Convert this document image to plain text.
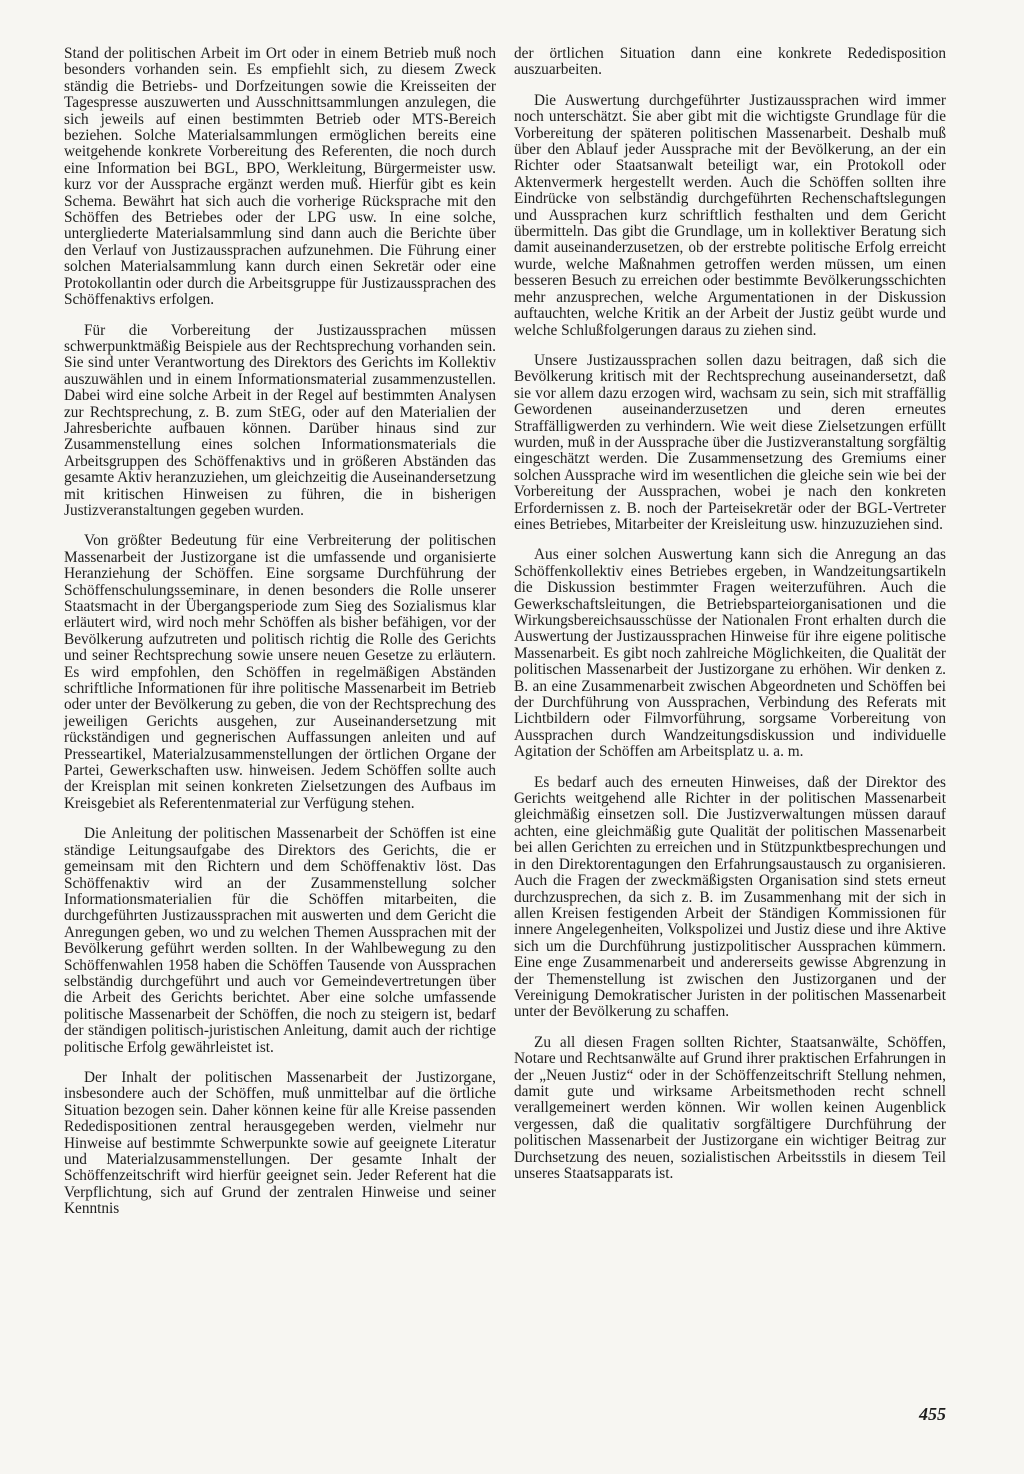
Stand der politischen Arbeit im Ort oder in einem Betrieb muß noch besonders vorhanden sein. Es empfiehlt sich, zu diesem Zweck ständig die Betriebs- und Dorfzeitungen sowie die Kreisseiten der Tagespresse auszuwerten und Ausschnittsammlungen anzulegen, die sich jeweils auf einen bestimmten Betrieb oder MTS-Bereich beziehen. Solche Materialsammlungen ermöglichen bereits eine weitgehende konkrete Vorbereitung des Referenten, die noch durch eine Information bei BGL, BPO, Werkleitung, Bürgermeister usw. kurz vor der Aussprache ergänzt werden muß. Hierfür gibt es kein Schema. Bewährt hat sich auch die vorherige Rücksprache mit den Schöffen des Betriebes oder der LPG usw. In eine solche, untergliederte Materialsammlung sind dann auch die Berichte über den Verlauf von Justizaussprachen aufzunehmen. Die Führung einer solchen Materialsammlung kann durch einen Sekretär oder eine Protokollantin oder durch die Arbeitsgruppe für Justizaussprachen des Schöffenaktivs erfolgen.

Für die Vorbereitung der Justizaussprachen müssen schwerpunktmäßig Beispiele aus der Rechtsprechung vorhanden sein. Sie sind unter Verantwortung des Direktors des Gerichts im Kollektiv auszuwählen und in einem Informationsmaterial zusammenzustellen. Dabei wird eine solche Arbeit in der Regel auf bestimmten Analysen zur Rechtsprechung, z. B. zum StEG, oder auf den Materialien der Jahresberichte aufbauen können. Darüber hinaus sind zur Zusammenstellung eines solchen Informationsmaterials die Arbeitsgruppen des Schöffenaktivs und in größeren Abständen das gesamte Aktiv heranzuziehen, um gleichzeitig die Auseinandersetzung mit kritischen Hinweisen zu führen, die in bisherigen Justizveranstaltungen gegeben wurden.

Von größter Bedeutung für eine Verbreiterung der politischen Massenarbeit der Justizorgane ist die umfassende und organisierte Heranziehung der Schöffen. Eine sorgsame Durchführung der Schöffenschulungsseminare, in denen besonders die Rolle unserer Staatsmacht in der Übergangsperiode zum Sieg des Sozialismus klar erläutert wird, wird noch mehr Schöffen als bisher befähigen, vor der Bevölkerung aufzutreten und politisch richtig die Rolle des Gerichts und seiner Rechtsprechung sowie unsere neuen Gesetze zu erläutern. Es wird empfohlen, den Schöffen in regelmäßigen Abständen schriftliche Informationen für ihre politische Massenarbeit im Betrieb oder unter der Bevölkerung zu geben, die von der Rechtsprechung des jeweiligen Gerichts ausgehen, zur Auseinandersetzung mit rückständigen und gegnerischen Auffassungen anleiten und auf Presseartikel, Materialzusammenstellungen der örtlichen Organe der Partei, Gewerkschaften usw. hinweisen. Jedem Schöffen sollte auch der Kreisplan mit seinen konkreten Zielsetzungen des Aufbaus im Kreisgebiet als Referentenmaterial zur Verfügung stehen.

Die Anleitung der politischen Massenarbeit der Schöffen ist eine ständige Leitungsaufgabe des Direktors des Gerichts, die er gemeinsam mit den Richtern und dem Schöffenaktiv löst. Das Schöffenaktiv wird an der Zusammenstellung solcher Informationsmaterialien für die Schöffen mitarbeiten, die durchgeführten Justizaussprachen mit auswerten und dem Gericht die Anregungen geben, wo und zu welchen Themen Aussprachen mit der Bevölkerung geführt werden sollten. In der Wahlbewegung zu den Schöffenwahlen 1958 haben die Schöffen Tausende von Aussprachen selbständig durchgeführt und auch vor Gemeindevertretungen über die Arbeit des Gerichts berichtet. Aber eine solche umfassende politische Massenarbeit der Schöffen, die noch zu steigern ist, bedarf der ständigen politisch-juristischen Anleitung, damit auch der richtige politische Erfolg gewährleistet ist.

Der Inhalt der politischen Massenarbeit der Justizorgane, insbesondere auch der Schöffen, muß unmittelbar auf die örtliche Situation bezogen sein. Daher können keine für alle Kreise passenden Rededispositionen zentral herausgegeben werden, vielmehr nur Hinweise auf bestimmte Schwerpunkte sowie auf geeignete Literatur und Materialzusammenstellungen. Der gesamte Inhalt der Schöffenzeitschrift wird hierfür geeignet sein. Jeder Referent hat die Verpflichtung, sich auf Grund der zentralen Hinweise und seiner Kenntnis

der örtlichen Situation dann eine konkrete Rededisposition auszuarbeiten.

Die Auswertung durchgeführter Justizaussprachen wird immer noch unterschätzt. Sie aber gibt mit die wichtigste Grundlage für die Vorbereitung der späteren politischen Massenarbeit. Deshalb muß über den Ablauf jeder Aussprache mit der Bevölkerung, an der ein Richter oder Staatsanwalt beteiligt war, ein Protokoll oder Aktenvermerk hergestellt werden. Auch die Schöffen sollten ihre Eindrücke von selbständig durchgeführten Rechenschaftslegungen und Aussprachen kurz schriftlich festhalten und dem Gericht übermitteln. Das gibt die Grundlage, um in kollektiver Beratung sich damit auseinanderzusetzen, ob der erstrebte politische Erfolg erreicht wurde, welche Maßnahmen getroffen werden müssen, um einen besseren Besuch zu erreichen oder bestimmte Bevölkerungsschichten mehr anzusprechen, welche Argumentationen in der Diskussion auftauchten, welche Kritik an der Arbeit der Justiz geübt wurde und welche Schlußfolgerungen daraus zu ziehen sind.

Unsere Justizaussprachen sollen dazu beitragen, daß sich die Bevölkerung kritisch mit der Rechtsprechung auseinandersetzt, daß sie vor allem dazu erzogen wird, wachsam zu sein, sich mit straffällig Gewordenen auseinanderzusetzen und deren erneutes Straffälligwerden zu verhindern. Wie weit diese Zielsetzungen erfüllt wurden, muß in der Aussprache über die Justizveranstaltung sorgfältig eingeschätzt werden. Die Zusammensetzung des Gremiums einer solchen Aussprache wird im wesentlichen die gleiche sein wie bei der Vorbereitung der Aussprachen, wobei je nach den konkreten Erfordernissen z. B. noch der Parteisekretär oder der BGL-Vertreter eines Betriebes, Mitarbeiter der Kreisleitung usw. hinzuzuziehen sind.

Aus einer solchen Auswertung kann sich die Anregung an das Schöffenkollektiv eines Betriebes ergeben, in Wandzeitungsartikeln die Diskussion bestimmter Fragen weiterzuführen. Auch die Gewerkschaftsleitungen, die Betriebsparteiorganisationen und die Wirkungsbereichsausschüsse der Nationalen Front erhalten durch die Auswertung der Justizaussprachen Hinweise für ihre eigene politische Massenarbeit. Es gibt noch zahlreiche Möglichkeiten, die Qualität der politischen Massenarbeit der Justizorgane zu erhöhen. Wir denken z. B. an eine Zusammenarbeit zwischen Abgeordneten und Schöffen bei der Durchführung von Aussprachen, Verbindung des Referats mit Lichtbildern oder Filmvorführung, sorgsame Vorbereitung von Aussprachen durch Wandzeitungsdiskussion und individuelle Agitation der Schöffen am Arbeitsplatz u. a. m.

Es bedarf auch des erneuten Hinweises, daß der Direktor des Gerichts weitgehend alle Richter in der politischen Massenarbeit gleichmäßig einsetzen soll. Die Justizverwaltungen müssen darauf achten, eine gleichmäßig gute Qualität der politischen Massenarbeit bei allen Gerichten zu erreichen und in Stützpunktbesprechungen und in den Direktorentagungen den Erfahrungsaustausch zu organisieren. Auch die Fragen der zweckmäßigsten Organisation sind stets erneut durchzusprechen, da sich z. B. im Zusammenhang mit der sich in allen Kreisen festigenden Arbeit der Ständigen Kommissionen für innere Angelegenheiten, Volkspolizei und Justiz diese und ihre Aktive sich um die Durchführung justizpolitischer Aussprachen kümmern. Eine enge Zusammenarbeit und andererseits gewisse Abgrenzung in der Themenstellung ist zwischen den Justizorganen und der Vereinigung Demokratischer Juristen in der politischen Massenarbeit unter der Bevölkerung zu schaffen.

Zu all diesen Fragen sollten Richter, Staatsanwälte, Schöffen, Notare und Rechtsanwälte auf Grund ihrer praktischen Erfahrungen in der „Neuen Justiz“ oder in der Schöffenzeitschrift Stellung nehmen, damit gute und wirksame Arbeitsmethoden recht schnell verallgemeinert werden können. Wir wollen keinen Augenblick vergessen, daß die qualitativ sorgfältigere Durchführung der politischen Massenarbeit der Justizorgane ein wichtiger Beitrag zur Durchsetzung des neuen, sozialistischen Arbeitsstils in diesem Teil unseres Staatsapparats ist.

455
